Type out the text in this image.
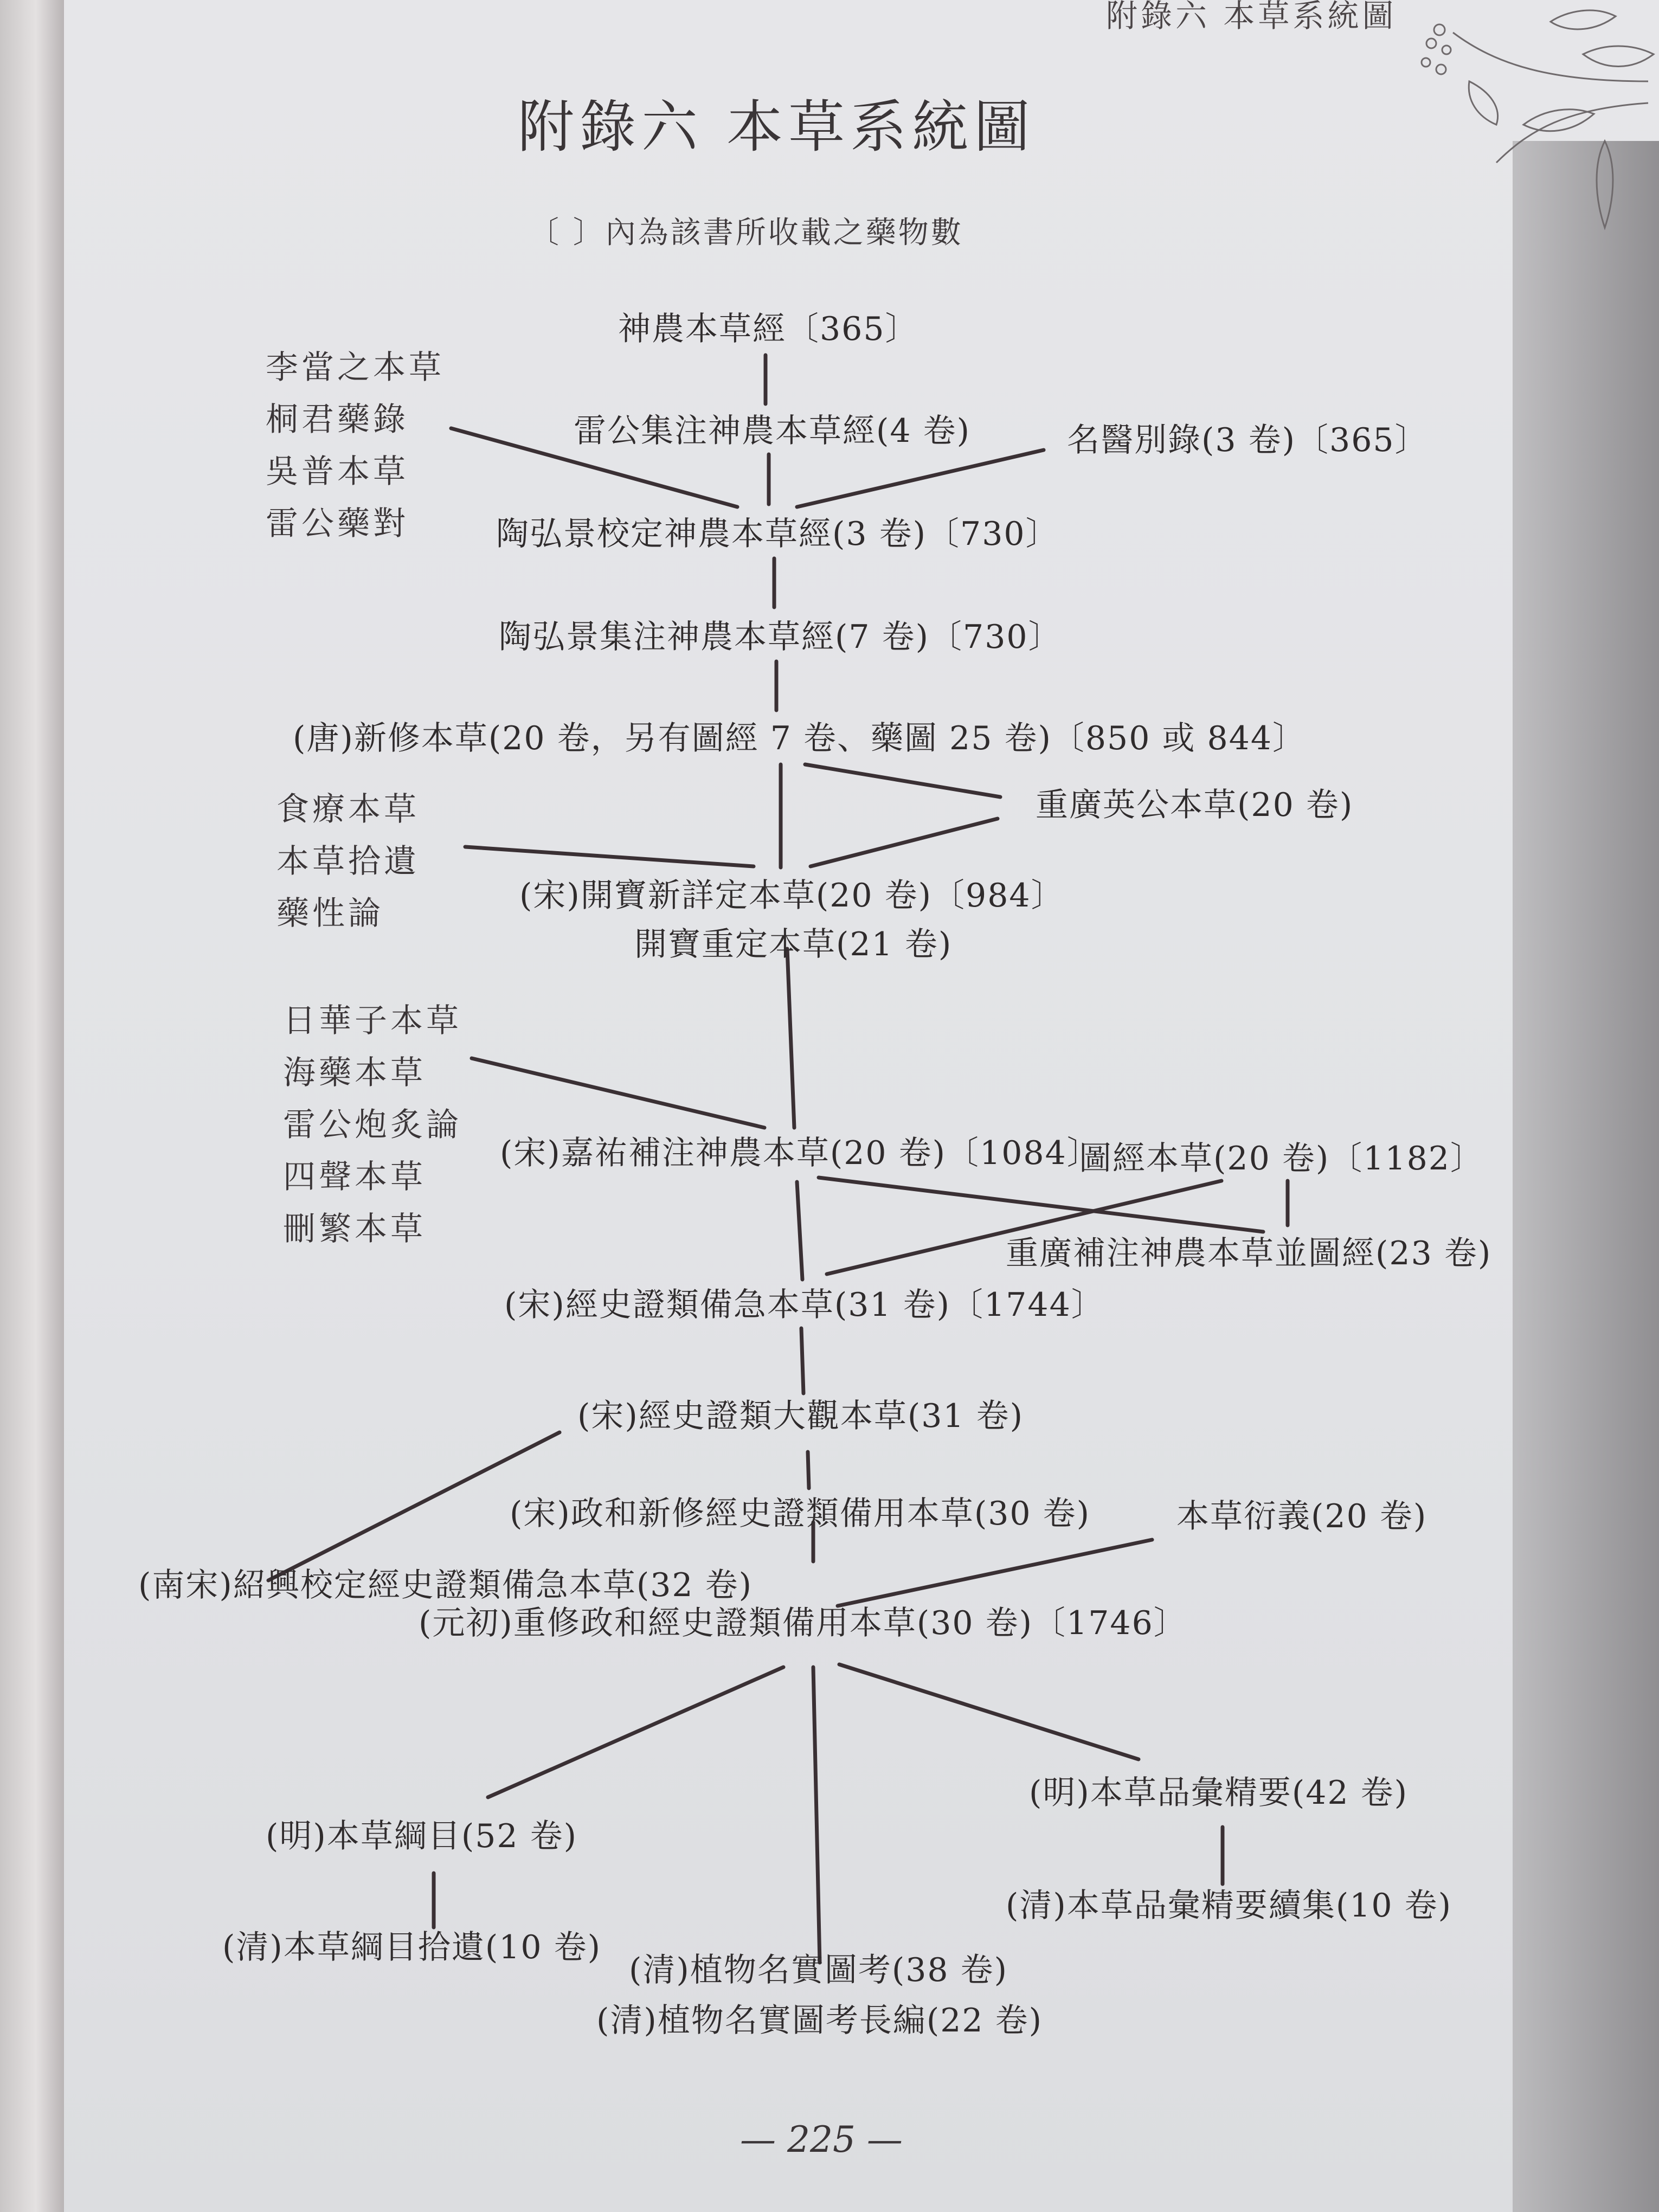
附錄六 本草系統圖
附錄六 本草系統圖
〔 〕內為該書所收載之藥物數
李當之本草
桐君藥錄
吳普本草
雷公藥對
食療本草
本草拾遺
藥性論
日華子本草
海藥本草
雷公炮炙論
四聲本草
刪繁本草
神農本草經〔365〕
雷公集注神農本草經(4 卷)	名醫別錄(3 卷)〔365〕
陶弘景校定神農本草經(3 卷)〔730〕
陶弘景集注神農本草經(7 卷)〔730〕
(唐)新修本草(20 卷，另有圖經 7 卷、藥圖 25 卷)〔850 或 844〕
重廣英公本草(20 卷)
(宋)開寶新詳定本草(20 卷)〔984〕
開寶重定本草(21 卷)
(宋)嘉祐補注神農本草(20 卷)〔1084〕
圖經本草(20 卷)〔1182〕
重廣補注神農本草並圖經(23 卷)
(宋)經史證類備急本草(31 卷)〔1744〕
(宋)經史證類大觀本草(31 卷)
(宋)政和新修經史證類備用本草(30 卷)	本草衍義(20 卷)
(南宋)紹興校定經史證類備急本草(32 卷)
(元初)重修政和經史證類備用本草(30 卷)〔1746〕
(明)本草品彙精要(42 卷)
(明)本草綱目(52 卷)
(清)本草品彙精要續集(10 卷)
(清)本草綱目拾遺(10 卷)
(清)植物名實圖考(38 卷)
(清)植物名實圖考長編(22 卷)
— 225 —
